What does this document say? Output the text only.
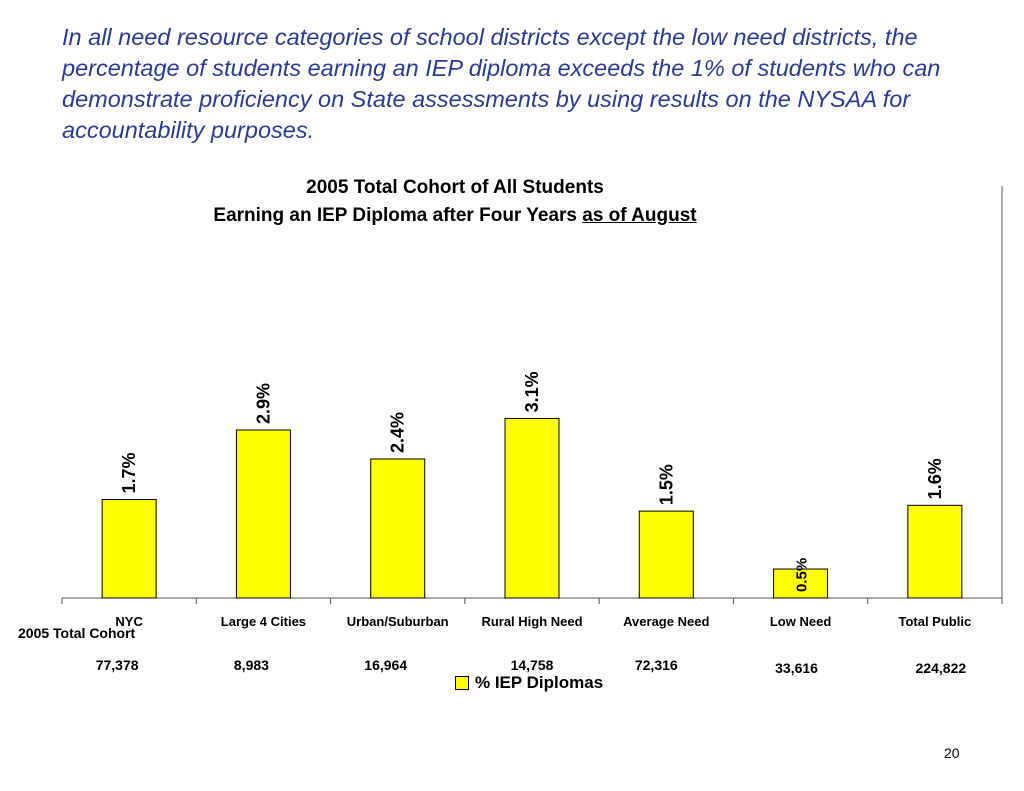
In all need resource categories of school districts except the low need districts, the percentage of students earning an IEP diploma exceeds the 1% of students who can demonstrate proficiency on State assessments by using results on the NYSAA for accountability purposes.
2005 Total Cohort of All Students
Earning an IEP Diploma after Four Years as of August
NYC
1.7%
Large 4 Cities
2.9%
Urban/Suburban
2.4%
Rural High Need
3.1%
Average Need
1.5%
Low Need
0.5%
Total Public
1.6%
2005 Total Cohort
77,378	8,983	16,964	14,758	72,316	33,616	224,822
% IEP Diplomas
20
